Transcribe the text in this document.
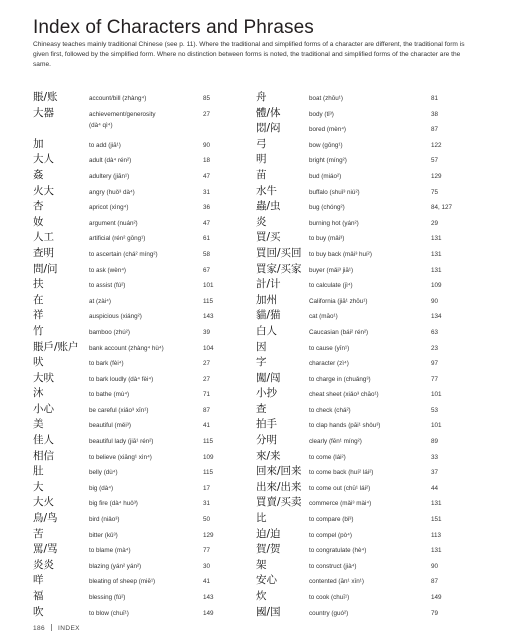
Index of Characters and Phrases

Chineasy teaches mainly traditional Chinese (see p. 11). Where the traditional and simplified forms of a character are different, the traditional form is given first, followed by the simplified form. Where no distinction between forms is noted, the traditional and simplified forms of the character are the same.

賬/账	account/bill (zhàng⁴)	85
大器	achievement/generosity	27
(dà⁴ qì⁴)
加	to add (jiā¹)	90
大人	adult (dà⁴ rén²)	18
姦	adultery (jiān¹)	47
火大	angry (huǒ³ dà⁴)	31
杏	apricot (xìng⁴)	36
奻	argument (nuán²)	47
人工	artificial (rén² gōng¹)	61
查明	to ascertain (chá² míng²)	58
問/问	to ask (wèn⁴)	67
扶	to assist (fú²)	101
在	at (zài⁴)	115
祥	auspicious (xiáng²)	143
竹	bamboo (zhú²)	39
賬戶/账户	bank account (zhàng⁴ hù⁴)	104
吠	to bark (fèi⁴)	27
大吠	to bark loudly (dà⁴ fèi⁴)	27
沐	to bathe (mù⁴)	71
小心	be careful (xiǎo³ xīn¹)	87
美	beautiful (měi³)	41
佳人	beautiful lady (jiā¹ rén²)	115
相信	to believe (xiāng¹ xìn⁴)	109
肚	belly (dù⁴)	115
大	big (dà⁴)	17
大火	big fire (dà⁴ huǒ³)	31
鳥/鸟	bird (niǎo³)	50
苦	bitter (kǔ³)	129
罵/骂	to blame (mà⁴)	77
炎炎	blazing (yán² yán²)	30
咩	bleating of sheep (miē¹)	41
福	blessing (fú²)	143
吹	to blow (chuī¹)	149
舟	boat (zhōu¹)	81
體/体	body (tǐ³)	38
悶/闷	bored (mèn⁴)	87
弓	bow (gōng¹)	122
明	bright (míng²)	57
苗	bud (miáo²)	129
水牛	buffalo (shuǐ³ niú²)	75
蟲/虫	bug (chóng²)	84, 127
炎	burning hot (yán²)	29
買/买	to buy (mǎi³)	131
買回/买回	to buy back (mǎi³ huí²)	131
買家/买家	buyer (mǎi³ jiā¹)	131
計/计	to calculate (jì⁴)	109
加州	California (jiā¹ zhōu¹)	90
貓/猫	cat (māo¹)	134
白人	Caucasian (bái² rén²)	63
因	to cause (yīn¹)	23
字	character (zì⁴)	97
闖/闯	to charge in (chuǎng³)	77
小抄	cheat sheet (xiǎo³ chāo¹)	101
查	to check (chá²)	53
拍手	to clap hands (pāi¹ shǒu³)	101
分明	clearly (fēn¹ míng²)	89
來/来	to come (lái²)	33
回來/回来	to come back (huí² lái²)	37
出來/出来	to come out (chū¹ lái²)	44
買賣/买卖	commerce (mǎi³ mài⁴)	131
比	to compare (bǐ³)	151
迫/迫	to compel (pò⁴)	113
賀/贺	to congratulate (hè⁴)	131
架	to construct (jià⁴)	90
安心	contented (ān¹ xīn¹)	87
炊	to cook (chuī¹)	149
國/国	country (guó²)	79
186 INDEX
